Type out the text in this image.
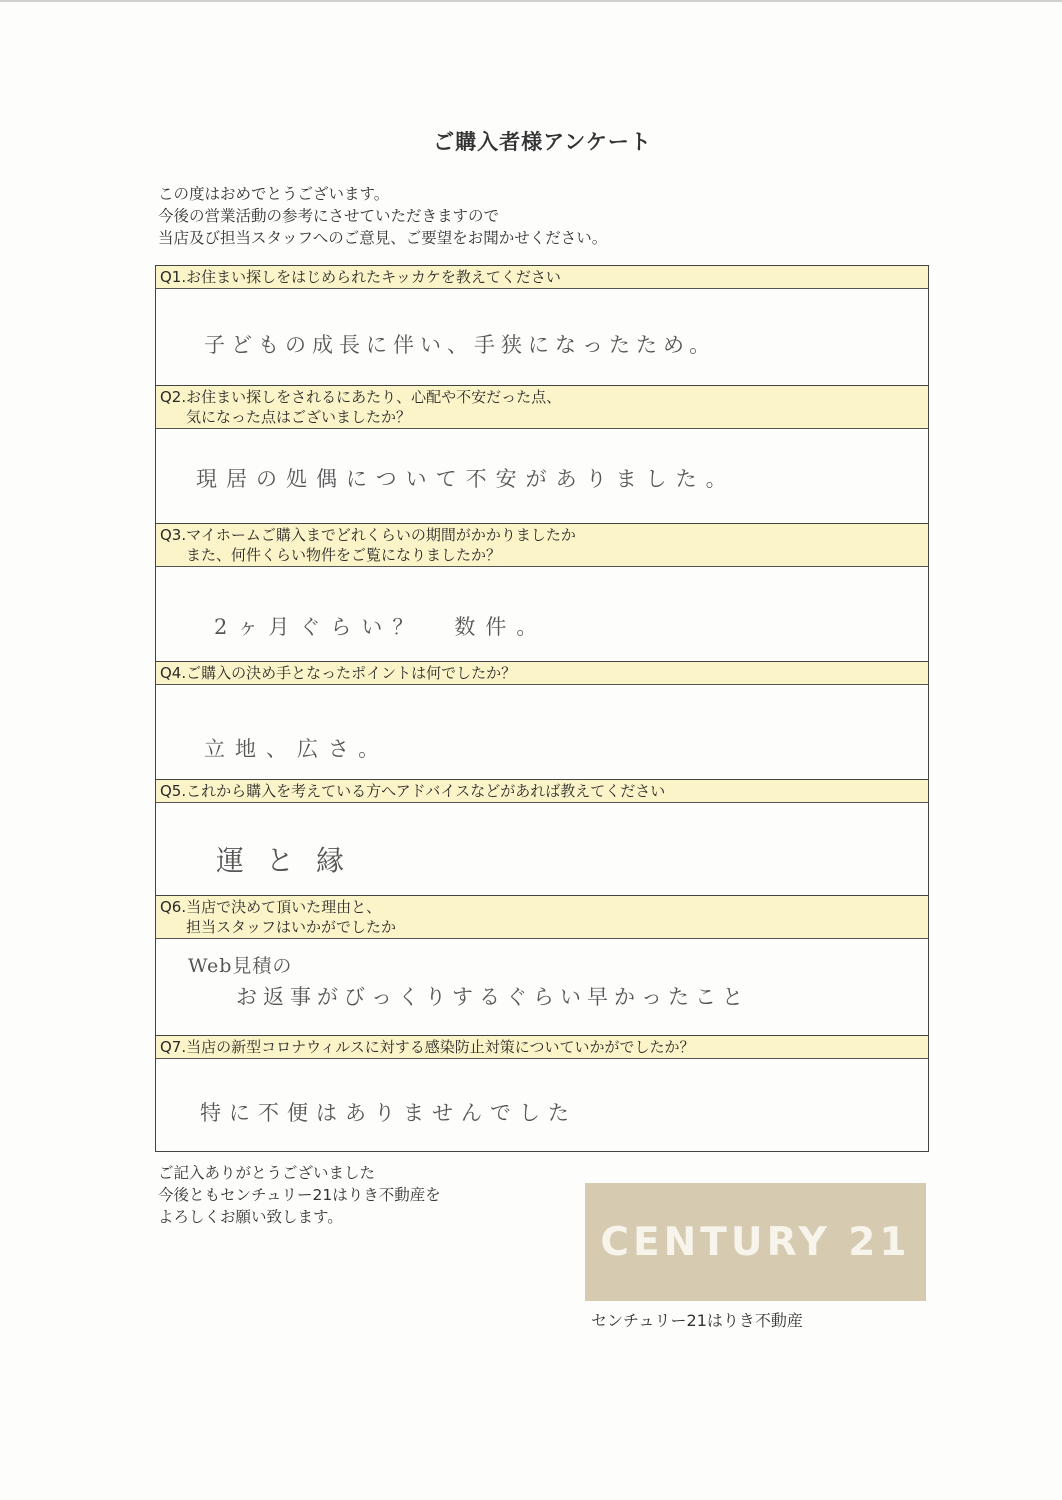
ご購入者様アンケート
この度はおめでとうございます。
今後の営業活動の参考にさせていただきますので
当店及び担当スタッフへのご意見、ご要望をお聞かせください。
Q1.お住まい探しをはじめられたキッカケを教えてください
子どもの成長に伴い、手狭になったため。
Q2.お住まい探しをされるにあたり、心配や不安だった点、
気になった点はございましたか？
現居の処偶について不安がありました。
Q3.マイホームご購入までどれくらいの期間がかかりましたか
また、何件くらい物件をご覧になりましたか？
2ヶ月ぐらい？　数件。
Q4.ご購入の決め手となったポイントは何でしたか？
立地、広さ。
Q5.これから購入を考えている方へアドバイスなどがあれば教えてください
運と縁
Q6.当店で決めて頂いた理由と、
担当スタッフはいかがでしたか
Web見積の
お返事がびっくりするぐらい早かったこと
Q7.当店の新型コロナウィルスに対する感染防止対策についていかがでしたか？
特に不便はありませんでした
ご記入ありがとうございました
今後ともセンチュリー21はりき不動産を
よろしくお願い致します。
CENTURY 21
センチュリー21はりき不動産
